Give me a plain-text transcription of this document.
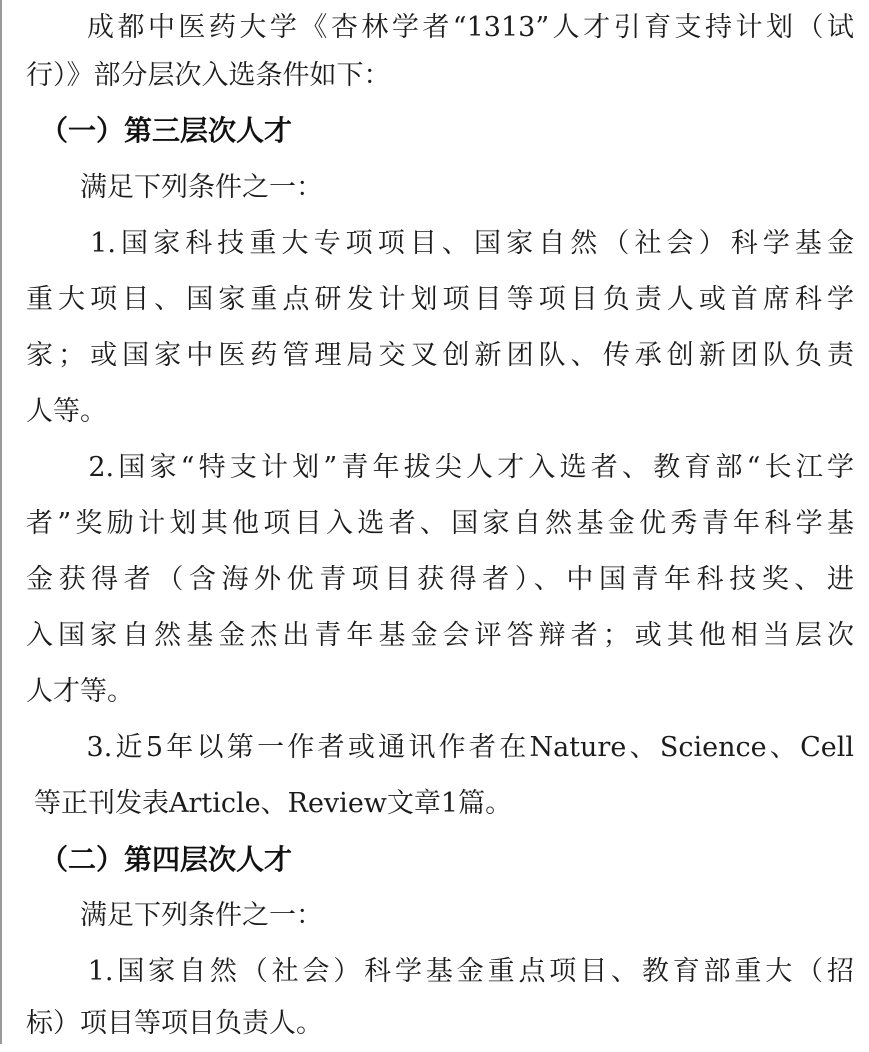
　　成都中医药大学《杏林学者“1313”人才引育支持计划（试
行）》部分层次入选条件如下：
　（一）第三层次人才
　　满足下列条件之一：
　　1.国家科技重大专项项目、国家自然（社会）科学基金
重大项目、国家重点研发计划项目等项目负责人或首席科学
家；或国家中医药管理局交叉创新团队、传承创新团队负责
人等。
　　2.国家“特支计划”青年拔尖人才入选者、教育部“长江学
者”奖励计划其他项目入选者、国家自然基金优秀青年科学基
金获得者（含海外优青项目获得者）、中国青年科技奖、进
入国家自然基金杰出青年基金会评答辩者；或其他相当层次
人才等。
　　3.近5年以第一作者或通讯作者在Nature、Science、Cell
等正刊发表Article、Review文章1篇。
　（二）第四层次人才
　　满足下列条件之一：
　　1.国家自然（社会）科学基金重点项目、教育部重大（招
标）项目等项目负责人。
